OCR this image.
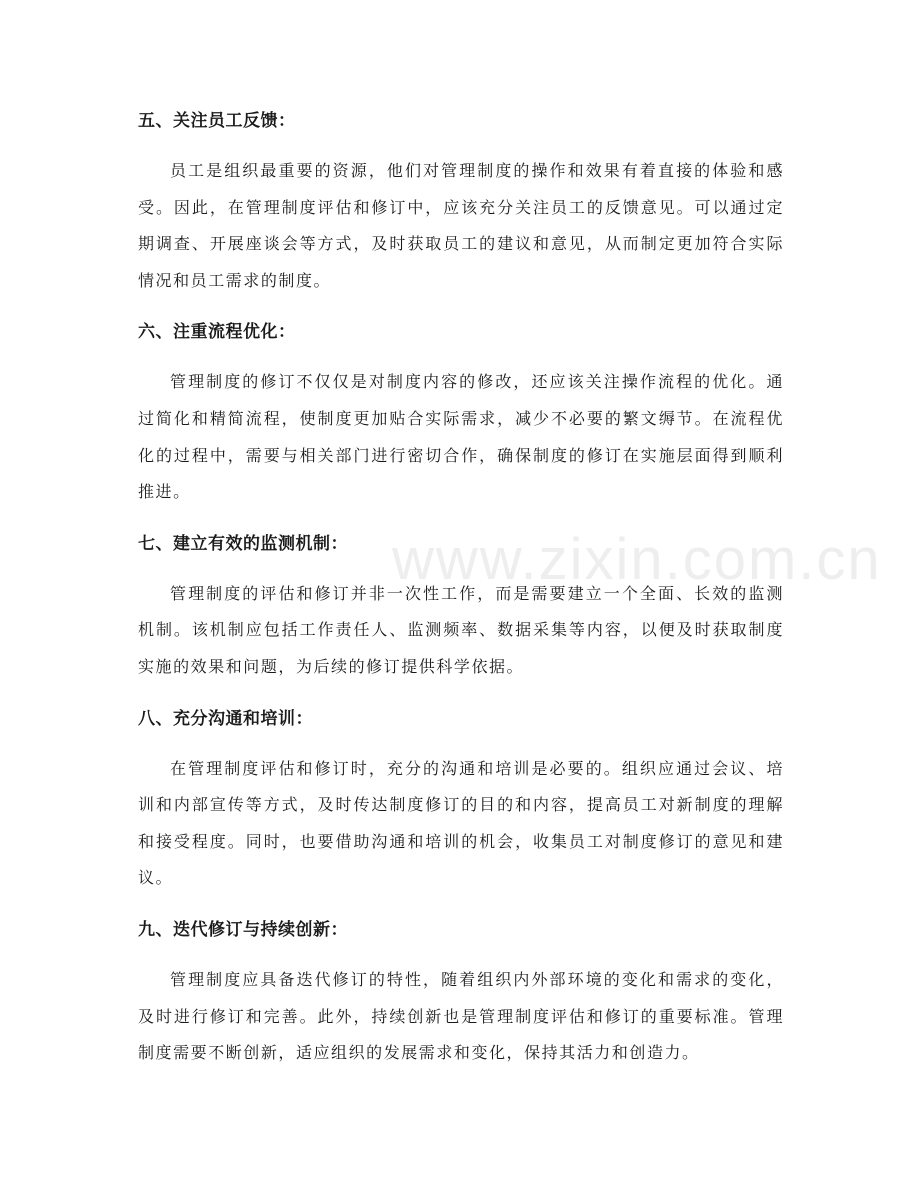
www.zixin.com.cn
五、关注员工反馈：

员工是组织最重要的资源，他们对管理制度的操作和效果有着直接的体验和感受。因此，在管理制度评估和修订中，应该充分关注员工的反馈意见。可以通过定期调查、开展座谈会等方式，及时获取员工的建议和意见，从而制定更加符合实际情况和员工需求的制度。

六、注重流程优化：

管理制度的修订不仅仅是对制度内容的修改，还应该关注操作流程的优化。通过简化和精简流程，使制度更加贴合实际需求，减少不必要的繁文缛节。在流程优化的过程中，需要与相关部门进行密切合作，确保制度的修订在实施层面得到顺利推进。

七、建立有效的监测机制：

管理制度的评估和修订并非一次性工作，而是需要建立一个全面、长效的监测机制。该机制应包括工作责任人、监测频率、数据采集等内容，以便及时获取制度实施的效果和问题，为后续的修订提供科学依据。

八、充分沟通和培训：

在管理制度评估和修订时，充分的沟通和培训是必要的。组织应通过会议、培训和内部宣传等方式，及时传达制度修订的目的和内容，提高员工对新制度的理解和接受程度。同时，也要借助沟通和培训的机会，收集员工对制度修订的意见和建议。

九、迭代修订与持续创新：

管理制度应具备迭代修订的特性，随着组织内外部环境的变化和需求的变化，及时进行修订和完善。此外，持续创新也是管理制度评估和修订的重要标准。管理制度需要不断创新，适应组织的发展需求和变化，保持其活力和创造力。
